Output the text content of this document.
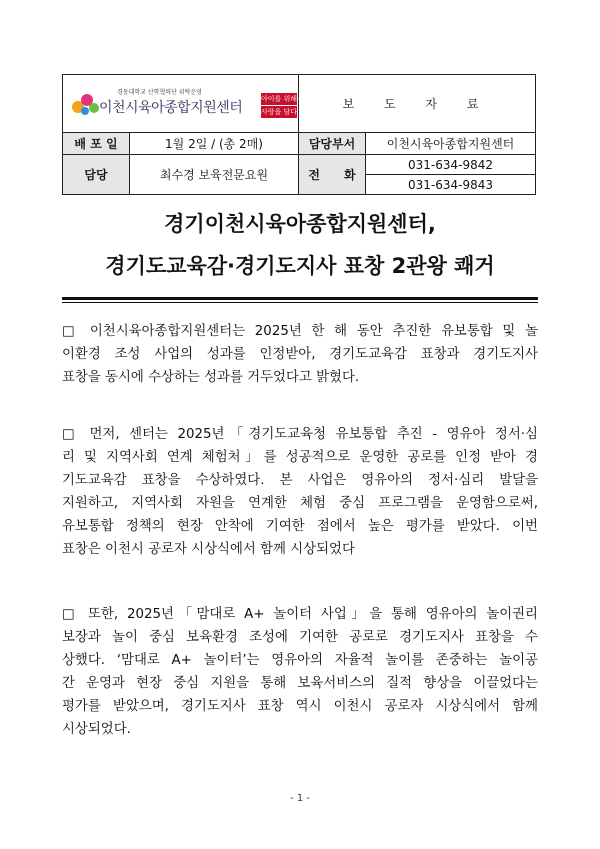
경동대학교 산학협력단 위탁운영
이천시육아종합지원센터
아이를 위해서
사랑을 담다		보 도 자 료	
배 포 일	1월 2일 / (총 2매)	담당부서	이천시육아종합지원센터
담당	최수경 보육전문요원	전　　화	031-634-9842
			031-634-9843
경기이천시육아종합지원센터,
경기도교육감·경기도지사 표창 2관왕 쾌거
□ 이천시육아종합지원센터는 2025년 한 해 동안 추진한 유보통합 및 놀
이환경 조성 사업의 성과를 인정받아, 경기도교육감 표창과 경기도지사
표창을 동시에 수상하는 성과를 거두었다고 밝혔다.
□ 먼저, 센터는 2025년「경기도교육청 유보통합 추진 - 영유아 정서·심
리 및 지역사회 연계 체험처」를 성공적으로 운영한 공로를 인정 받아 경
기도교육감 표창을 수상하였다. 본 사업은 영유아의 정서·심리 발달을
지원하고, 지역사회 자원을 연계한 체험 중심 프로그램을 운영함으로써,
유보통합 정책의 현장 안착에 기여한 점에서 높은 평가를 받았다. 이번
표창은 이천시 공로자 시상식에서 함께 시상되었다
□ 또한, 2025년「맘대로 A+ 놀이터 사업」을 통해 영유아의 놀이권리
보장과 놀이 중심 보육환경 조성에 기여한 공로로 경기도지사 표창을 수
상했다. ‘맘대로 A+ 놀이터’는 영유아의 자율적 놀이를 존중하는 놀이공
간 운영과 현장 중심 지원을 통해 보육서비스의 질적 향상을 이끌었다는
평가를 받았으며, 경기도지사 표창 역시 이천시 공로자 시상식에서 함께
시상되었다.
- 1 -
